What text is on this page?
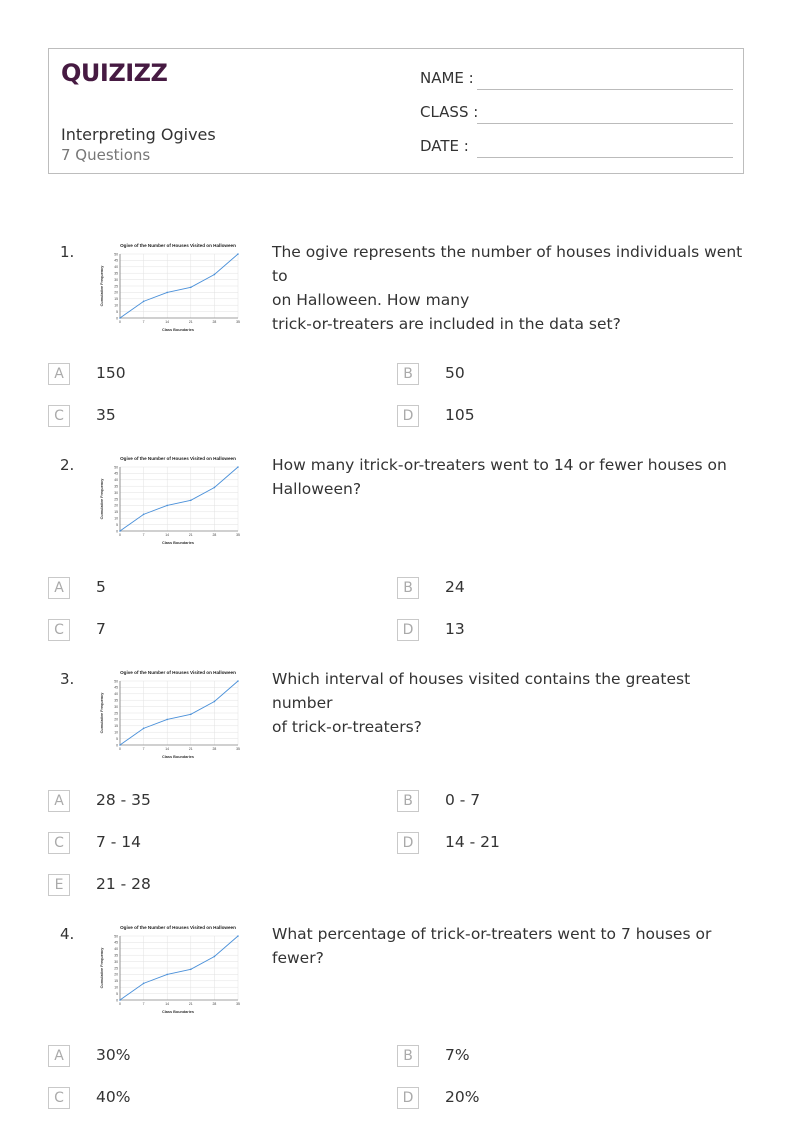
QUIZIZZ
Interpreting Ogives
7 Questions
NAME :
CLASS :
DATE :
1.	Ogive of the Number of Houses Visited on Halloween
0
5
10
15
20
25
30
35
40
45
50
0	7	14	21	28	35
Class Boundaries
Cumulative Frequency
The ogive represents the number of houses individuals went to
on Halloween. How many
trick-or-treaters are included in the data set?
A	150	B	50
C	35	D	105
2.	Ogive of the Number of Houses Visited on Halloween
0
5
10
15
20
25
30
35
40
45
50
0	7	14	21	28	35
Class Boundaries
Cumulative Frequency
How many itrick-or-treaters went to 14 or fewer houses on
Halloween?
A	5	B	24
C	7	D	13
3.	Ogive of the Number of Houses Visited on Halloween
0
5
10
15
20
25
30
35
40
45
50
0	7	14	21	28	35
Class Boundaries
Cumulative Frequency
Which interval of houses visited contains the greatest number
of trick-or-treaters?
A	28 - 35	B	0 - 7
C	7 - 14	D	14 - 21
E	21 - 28
4.	Ogive of the Number of Houses Visited on Halloween
0
5
10
15
20
25
30
35
40
45
50
0	7	14	21	28	35
Class Boundaries
Cumulative Frequency
What percentage of trick-or-treaters went to 7 houses or
fewer?
A	30%	B	7%
C	40%	D	20%
